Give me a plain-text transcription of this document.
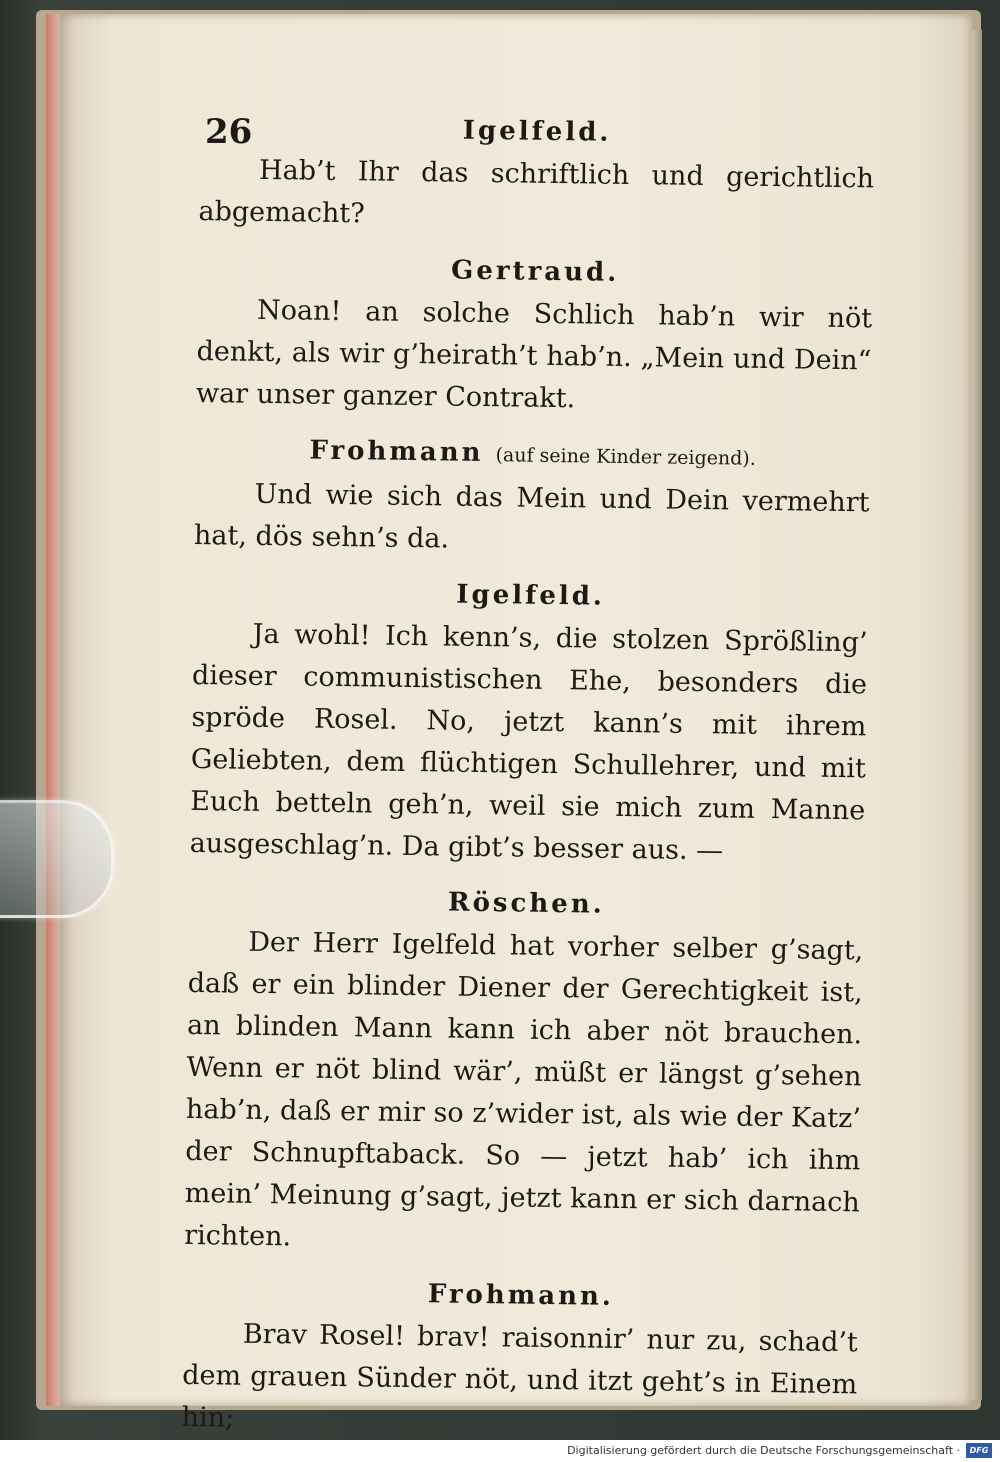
26	Igelfeld.

Hab’t Ihr das schriftlich und gerichtlich abgemacht?

Gertraud.

Noan! an solche Schlich hab’n wir nöt denkt, als wir g’heirath’t hab’n. „Mein und Dein“ war unser ganzer Contrakt.

Frohmann (auf seine Kinder zeigend).

Und wie sich das Mein und Dein vermehrt hat, dös sehn’s da.

Igelfeld.

Ja wohl! Ich kenn’s, die stolzen Sprößling’ dieser communistischen Ehe, besonders die spröde Rosel. No, jetzt kann’s mit ihrem Geliebten, dem flüchtigen Schullehrer, und mit Euch betteln geh’n, weil sie mich zum Manne ausgeschlag’n. Da gibt’s besser aus. —

Röschen.

Der Herr Igelfeld hat vorher selber g’sagt, daß er ein blinder Diener der Gerechtigkeit ist, an blinden Mann kann ich aber nöt brauchen. Wenn er nöt blind wär’, müßt er längst g’sehen hab’n, daß er mir so z’wider ist, als wie der Katz’ der Schnupftaback. So — jetzt hab’ ich ihm mein’ Meinung g’sagt, jetzt kann er sich darnach richten.

Frohmann.

Brav Rosel! brav! raisonnir’ nur zu, schad’t dem grauen Sünder nöt, und itzt geht’s in Einem hin;

Digitalisierung gefördert durch die Deutsche Forschungsgemeinschaft ·	DFG
